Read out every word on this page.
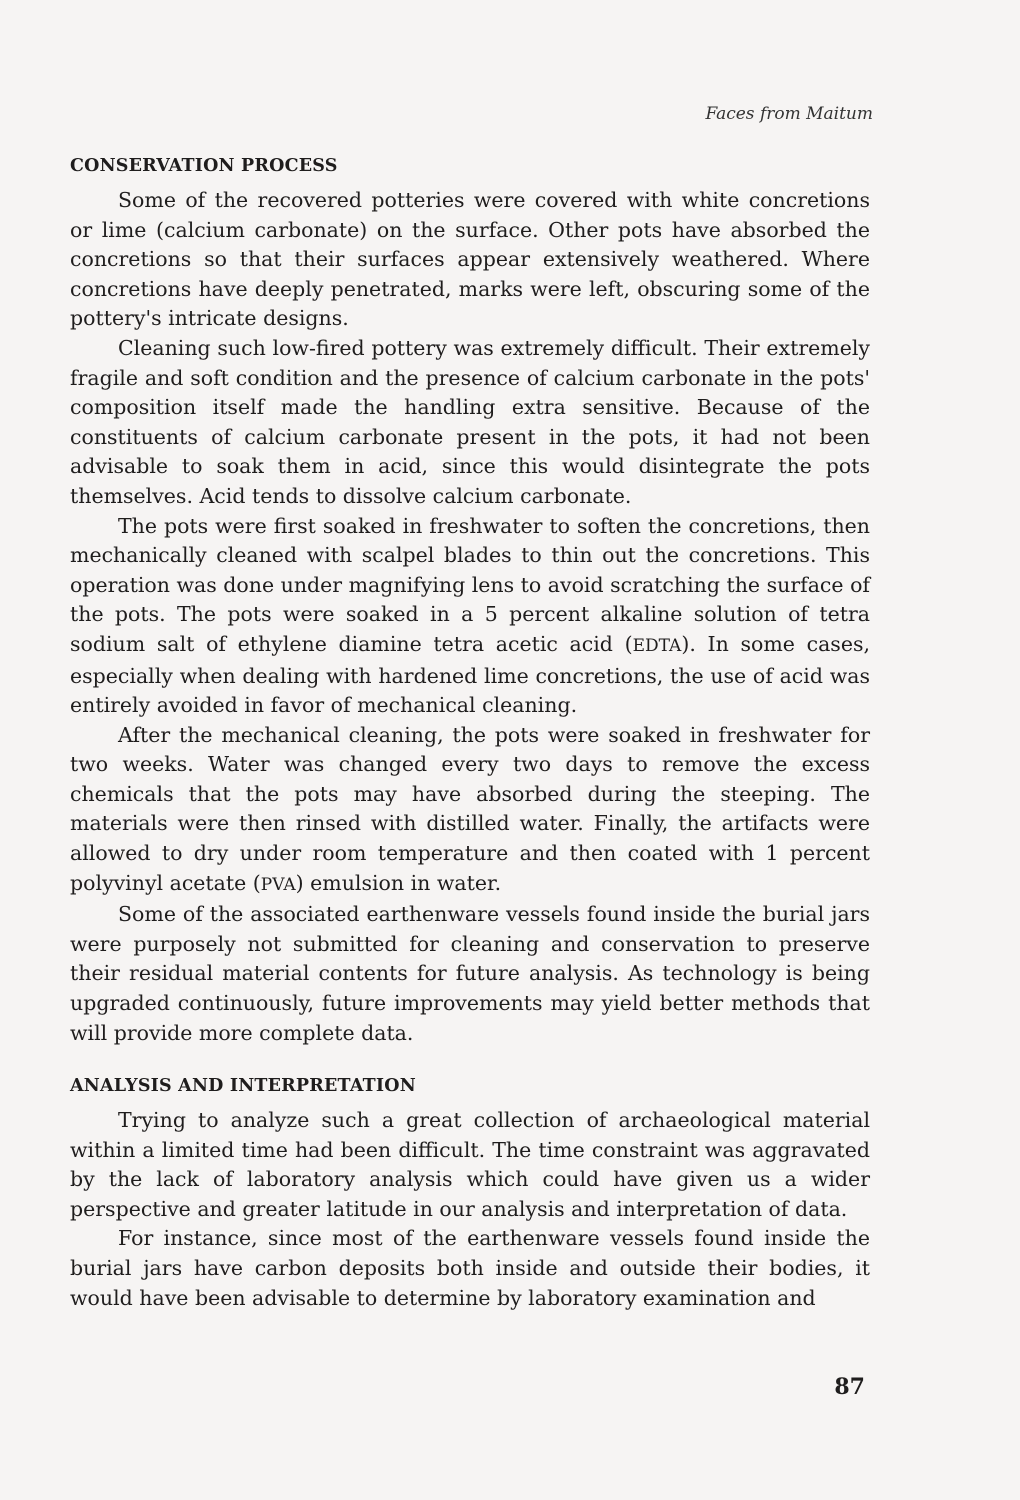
Faces from Maitum
CONSERVATION PROCESS

Some of the recovered potteries were covered with white concretions or lime (calcium carbonate) on the surface. Other pots have absorbed the concretions so that their surfaces appear extensively weathered. Where concretions have deeply penetrated, marks were left, obscuring some of the pottery's intricate designs.

Cleaning such low-fired pottery was extremely difficult. Their extremely fragile and soft condition and the presence of calcium carbonate in the pots' composition itself made the handling extra sensitive. Because of the constituents of calcium carbonate present in the pots, it had not been advisable to soak them in acid, since this would disintegrate the pots themselves. Acid tends to dissolve calcium carbonate.

The pots were first soaked in freshwater to soften the concretions, then mechanically cleaned with scalpel blades to thin out the concretions. This operation was done under magnifying lens to avoid scratching the surface of the pots. The pots were soaked in a 5 percent alkaline solution of tetra sodium salt of ethylene diamine tetra acetic acid (EDTA). In some cases, especially when dealing with hardened lime concretions, the use of acid was entirely avoided in favor of mechanical cleaning.

After the mechanical cleaning, the pots were soaked in freshwater for two weeks. Water was changed every two days to remove the excess chemicals that the pots may have absorbed during the steeping. The materials were then rinsed with distilled water. Finally, the artifacts were allowed to dry under room temperature and then coated with 1 percent polyvinyl acetate (PVA) emulsion in water.

Some of the associated earthenware vessels found inside the burial jars were purposely not submitted for cleaning and conservation to preserve their residual material contents for future analysis. As technology is being upgraded continuously, future improvements may yield better methods that will provide more complete data.

ANALYSIS AND INTERPRETATION

Trying to analyze such a great collection of archaeological material within a limited time had been difficult. The time constraint was aggravated by the lack of laboratory analysis which could have given us a wider perspective and greater latitude in our analysis and interpretation of data.

For instance, since most of the earthenware vessels found inside the burial jars have carbon deposits both inside and outside their bodies, it would have been advisable to determine by laboratory examination and

87
